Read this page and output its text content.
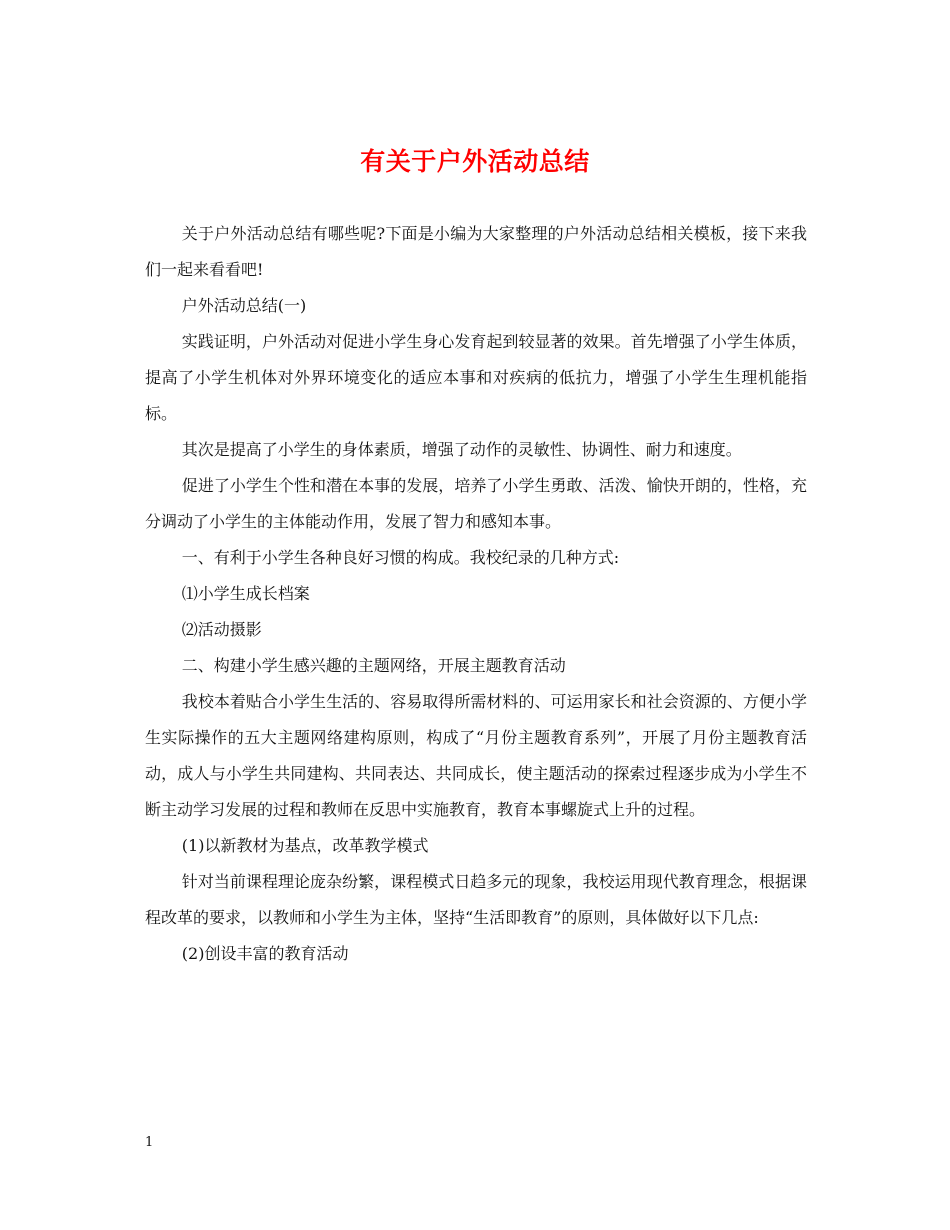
有关于户外活动总结

关于户外活动总结有哪些呢?下面是小编为大家整理的户外活动总结相关模板，接下来我们一起来看看吧!

户外活动总结(一)

实践证明，户外活动对促进小学生身心发育起到较显著的效果。首先增强了小学生体质，提高了小学生机体对外界环境变化的适应本事和对疾病的低抗力，增强了小学生生理机能指标。

其次是提高了小学生的身体素质，增强了动作的灵敏性、协调性、耐力和速度。

促进了小学生个性和潜在本事的发展，培养了小学生勇敢、活泼、愉快开朗的，性格，充分调动了小学生的主体能动作用，发展了智力和感知本事。

一、有利于小学生各种良好习惯的构成。我校纪录的几种方式:

⑴小学生成长档案

⑵活动摄影

二、构建小学生感兴趣的主题网络，开展主题教育活动

我校本着贴合小学生生活的、容易取得所需材料的、可运用家长和社会资源的、方便小学生实际操作的五大主题网络建构原则，构成了“月份主题教育系列”，开展了月份主题教育活动，成人与小学生共同建构、共同表达、共同成长，使主题活动的探索过程逐步成为小学生不断主动学习发展的过程和教师在反思中实施教育，教育本事螺旋式上升的过程。

(1)以新教材为基点，改革教学模式

针对当前课程理论庞杂纷繁，课程模式日趋多元的现象，我校运用现代教育理念，根据课程改革的要求，以教师和小学生为主体，坚持“生活即教育”的原则，具体做好以下几点:

(2)创设丰富的教育活动

1
